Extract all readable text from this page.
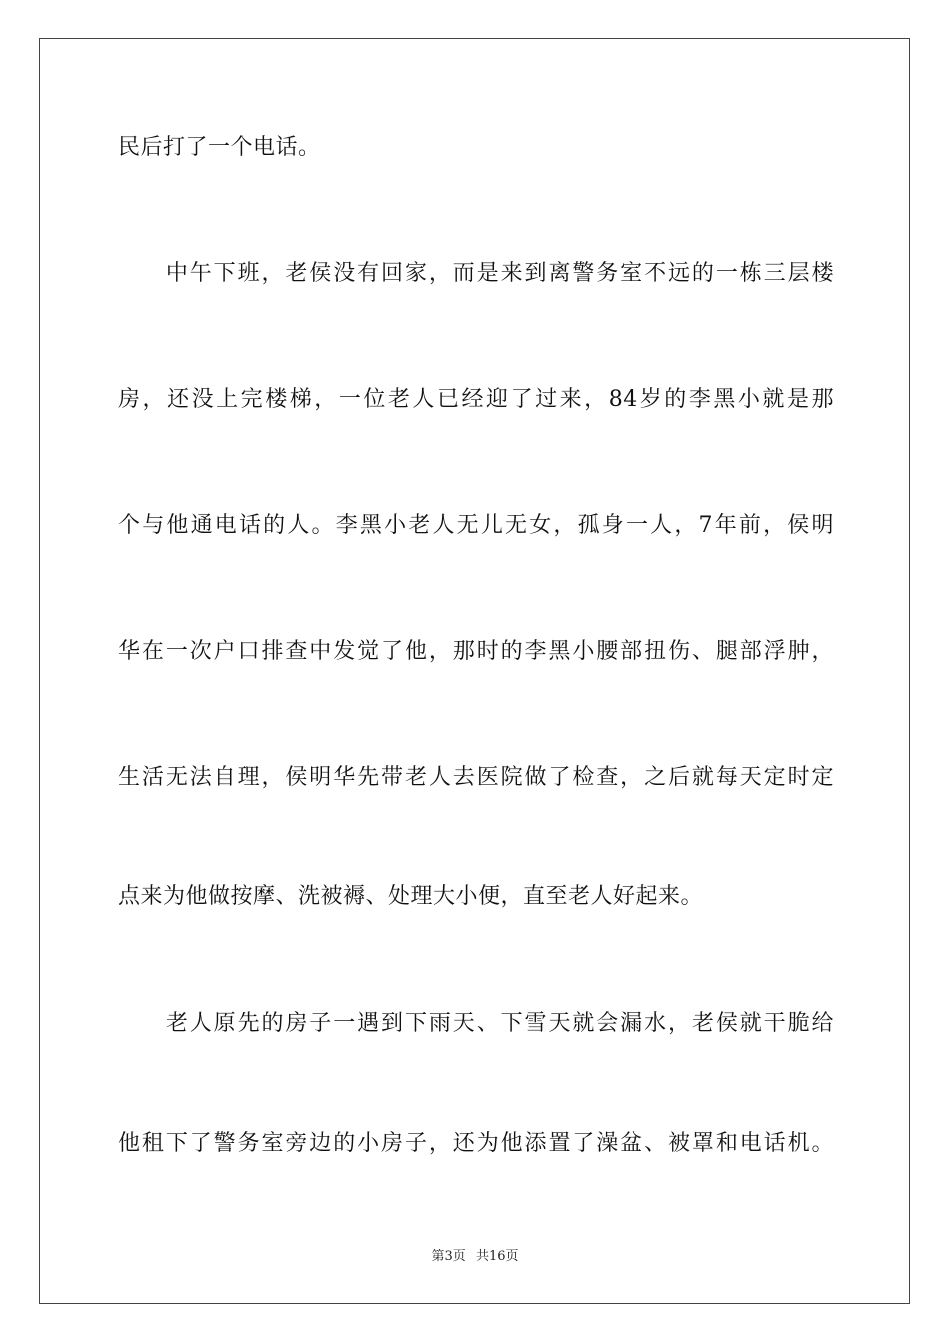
民后打了一个电话。
　　中午下班，老侯没有回家，而是来到离警务室不远的一栋三层楼
房，还没上完楼梯，一位老人已经迎了过来，84岁的李黑小就是那
个与他通电话的人。李黑小老人无儿无女，孤身一人，7年前，侯明
华在一次户口排查中发觉了他，那时的李黑小腰部扭伤、腿部浮肿，
生活无法自理，侯明华先带老人去医院做了检查，之后就每天定时定
点来为他做按摩、洗被褥、处理大小便，直至老人好起来。
　　老人原先的房子一遇到下雨天、下雪天就会漏水，老侯就干脆给
他租下了警务室旁边的小房子，还为他添置了澡盆、被罩和电话机。
第3页 共16页
